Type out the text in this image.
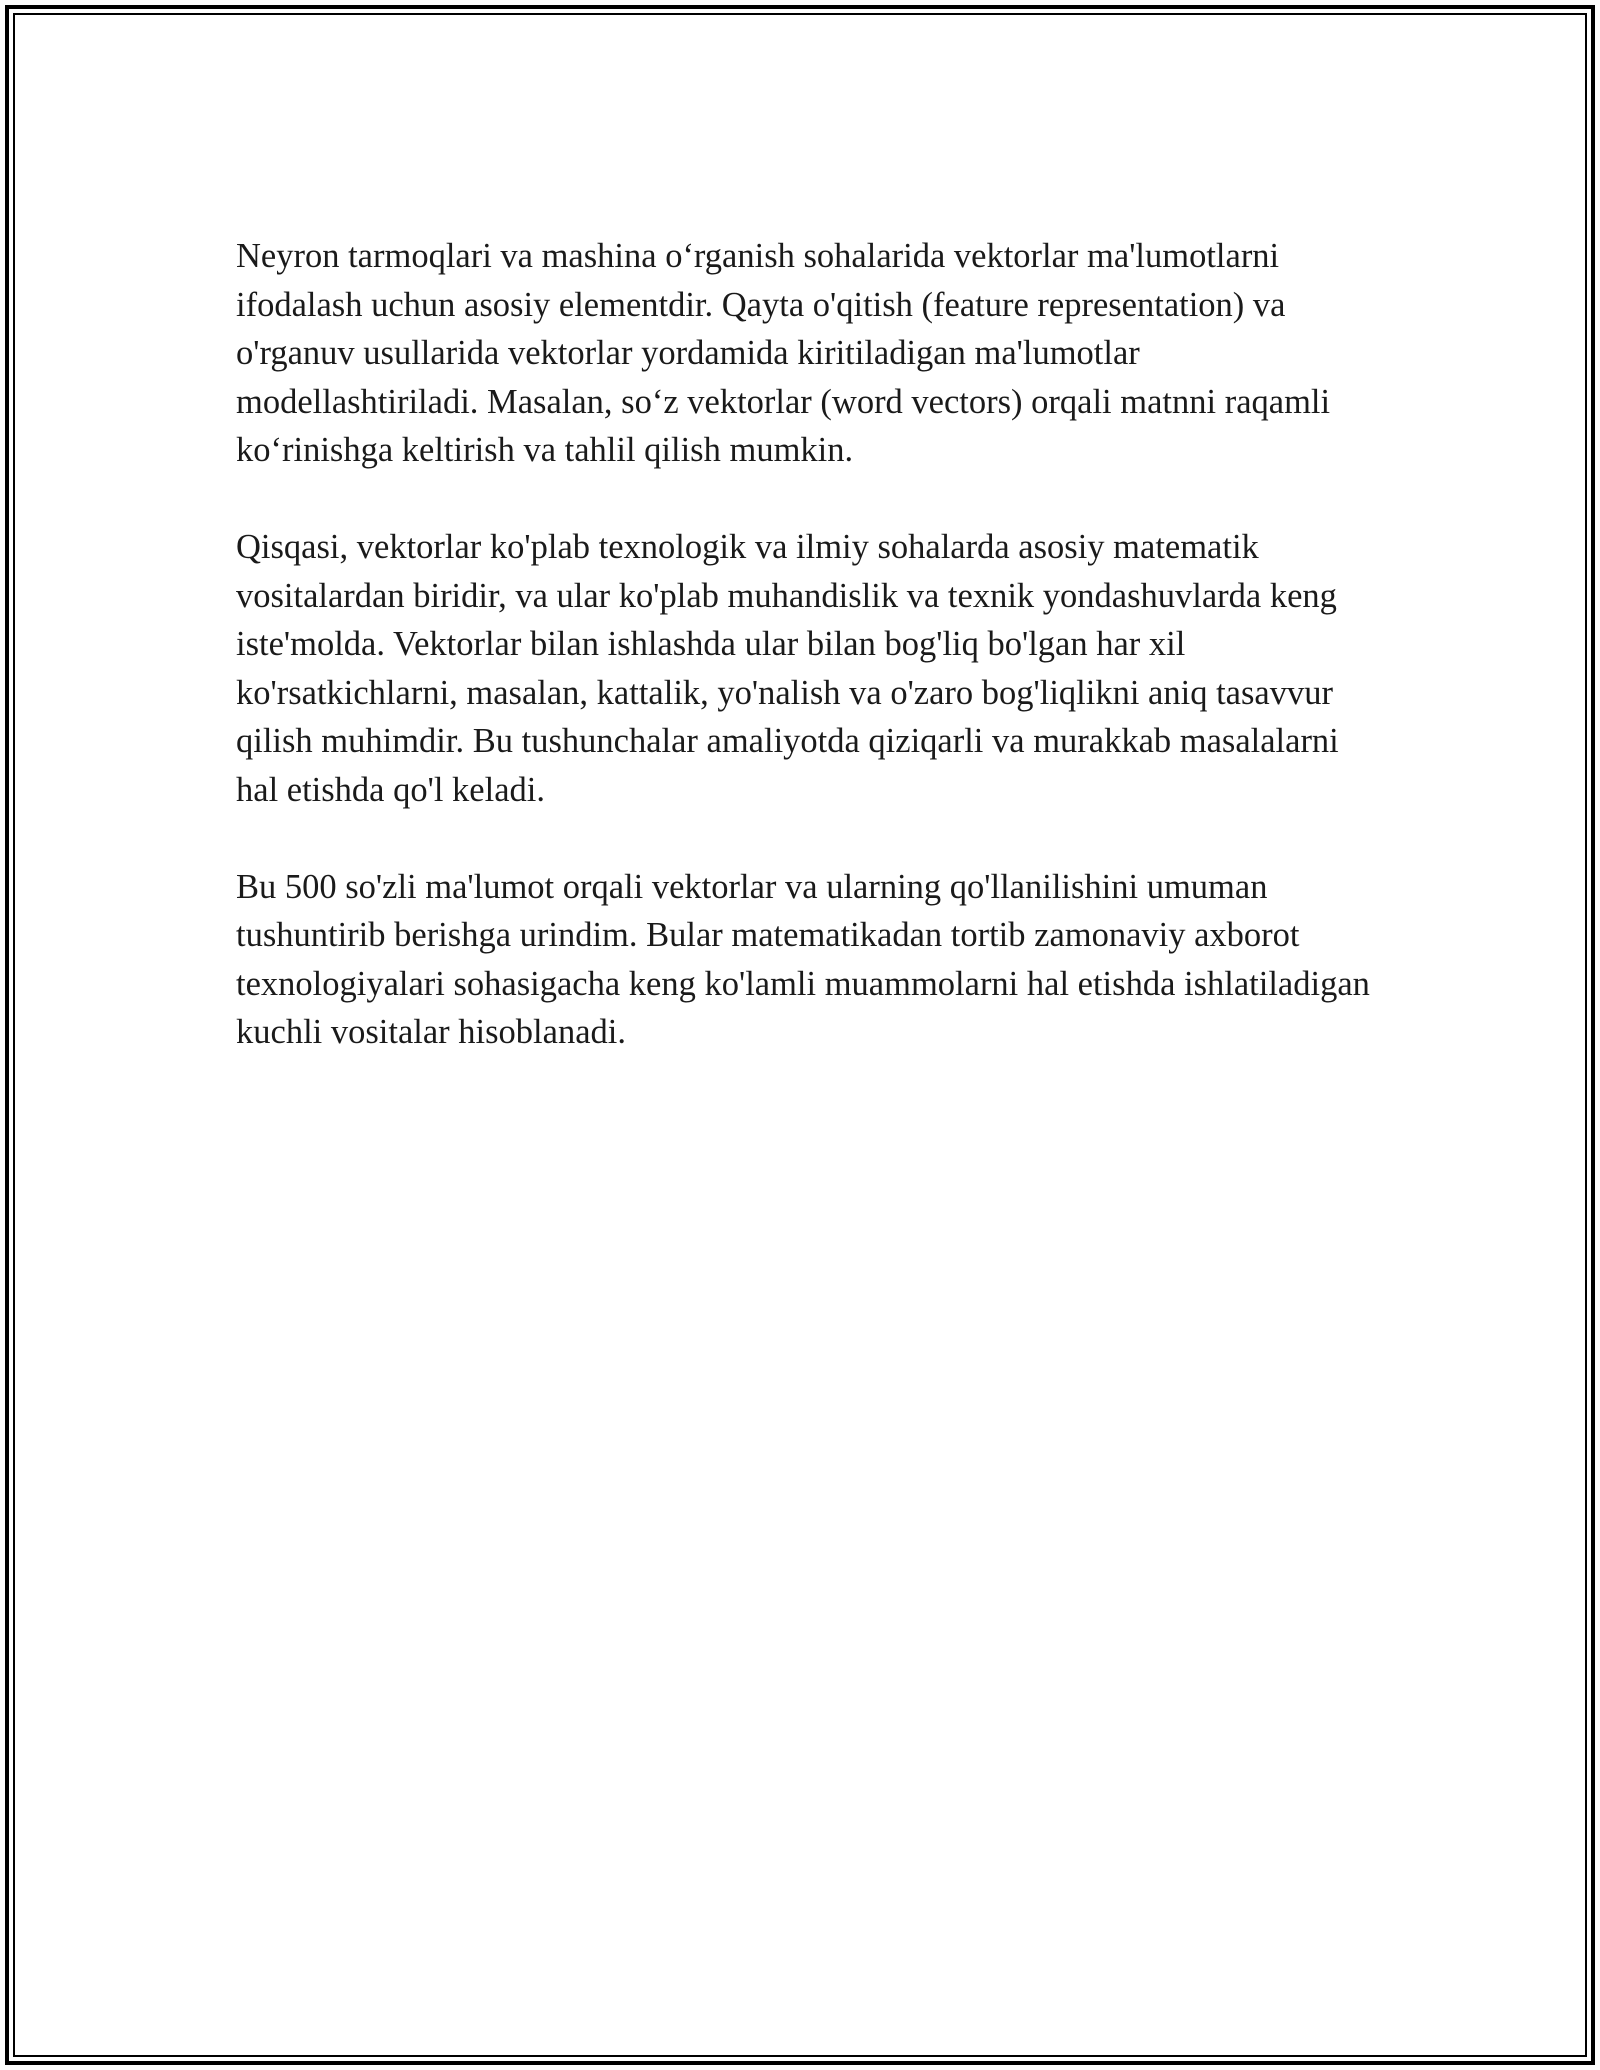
Neyron tarmoqlari va mashina o‘rganish sohalarida vektorlar ma'lumotlarni ifodalash uchun asosiy elementdir. Qayta o'qitish (feature representation) va o'rganuv usullarida vektorlar yordamida kiritiladigan ma'lumotlar modellashtiriladi. Masalan, so‘z vektorlar (word vectors) orqali matnni raqamli ko‘rinishga keltirish va tahlil qilish mumkin.

Qisqasi, vektorlar ko'plab texnologik va ilmiy sohalarda asosiy matematik vositalardan biridir, va ular ko'plab muhandislik va texnik yondashuvlarda keng iste'molda. Vektorlar bilan ishlashda ular bilan bog'liq bo'lgan har xil ko'rsatkichlarni, masalan, kattalik, yo'nalish va o'zaro bog'liqlikni aniq tasavvur qilish muhimdir. Bu tushunchalar amaliyotda qiziqarli va murakkab masalalarni hal etishda qo'l keladi.

Bu 500 so'zli ma'lumot orqali vektorlar va ularning qo'llanilishini umuman tushuntirib berishga urindim. Bular matematikadan tortib zamonaviy axborot texnologiyalari sohasigacha keng ko'lamli muammolarni hal etishda ishlatiladigan kuchli vositalar hisoblanadi.
